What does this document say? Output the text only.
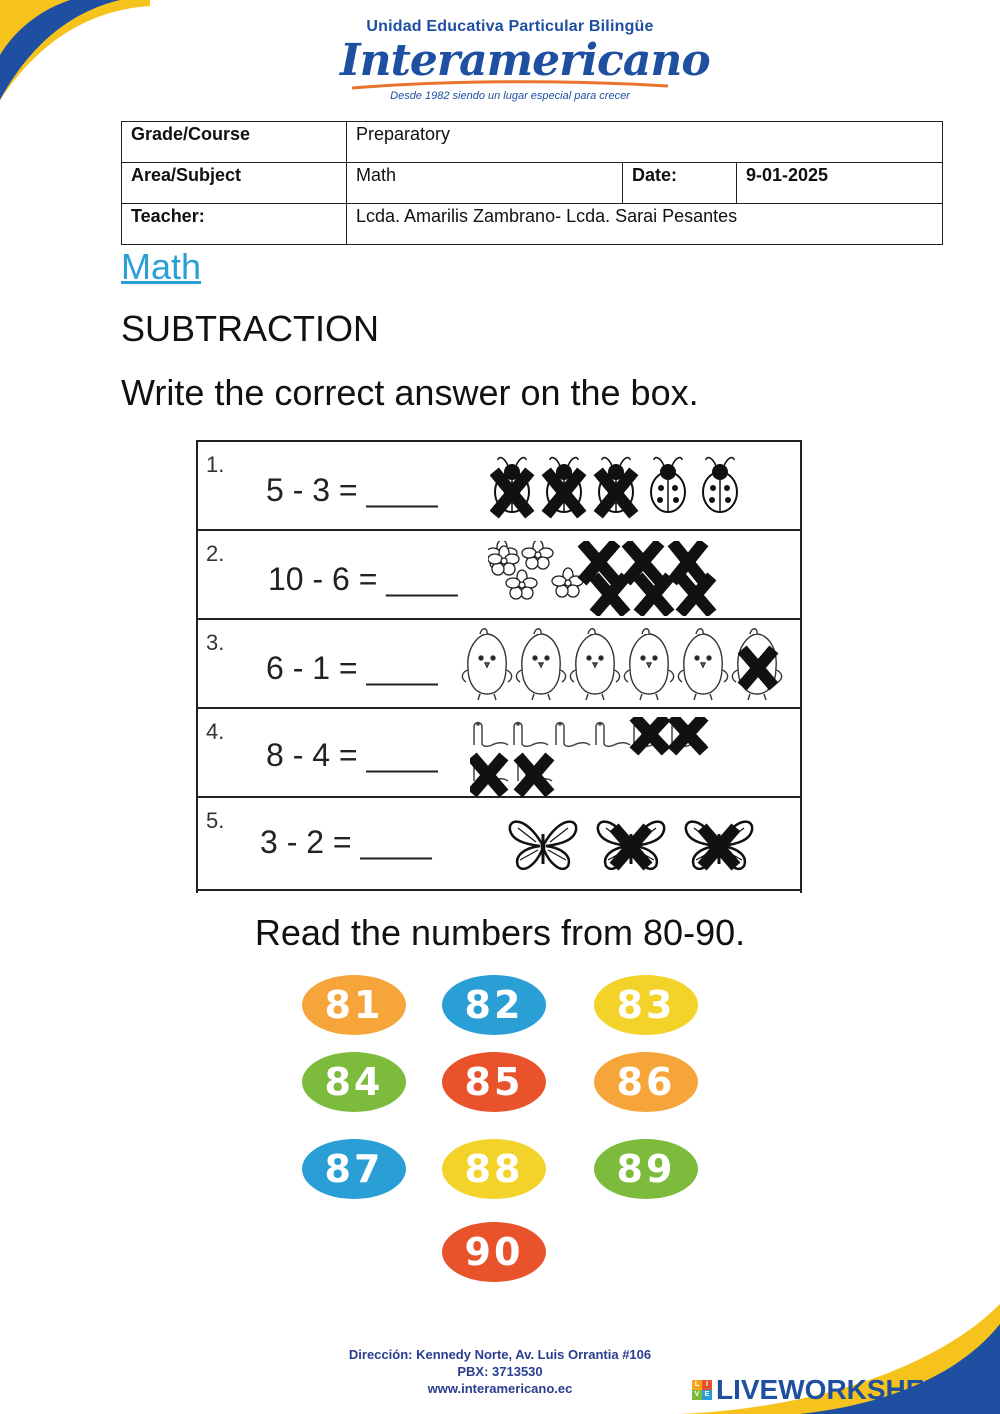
Unidad Educativa Particular Bilingüe
Interamericano
Desde 1982 siendo un lugar especial para crecer
Grade/Course	Preparatory		
Area/Subject	Math	Date:	9-01-2025
Teacher:	Lcda. Amarilis Zambrano- Lcda. Sarai Pesantes		
Math
SUBTRACTION
Write the correct answer on the box.
1.
5 - 3 = ____
2.
10 - 6 = ____
3.
6 - 1 = ____
4.
8 - 4 = ____
5.
3 - 2 = ____
Read the numbers from 80-90.
81	82	83
84	85	86
87	88	89
90
Dirección: Kennedy Norte, Av. Luis Orrantia #106
PBX: 3713530
www.interamericano.ec	L I
V E LIVEWORKSHEETS
